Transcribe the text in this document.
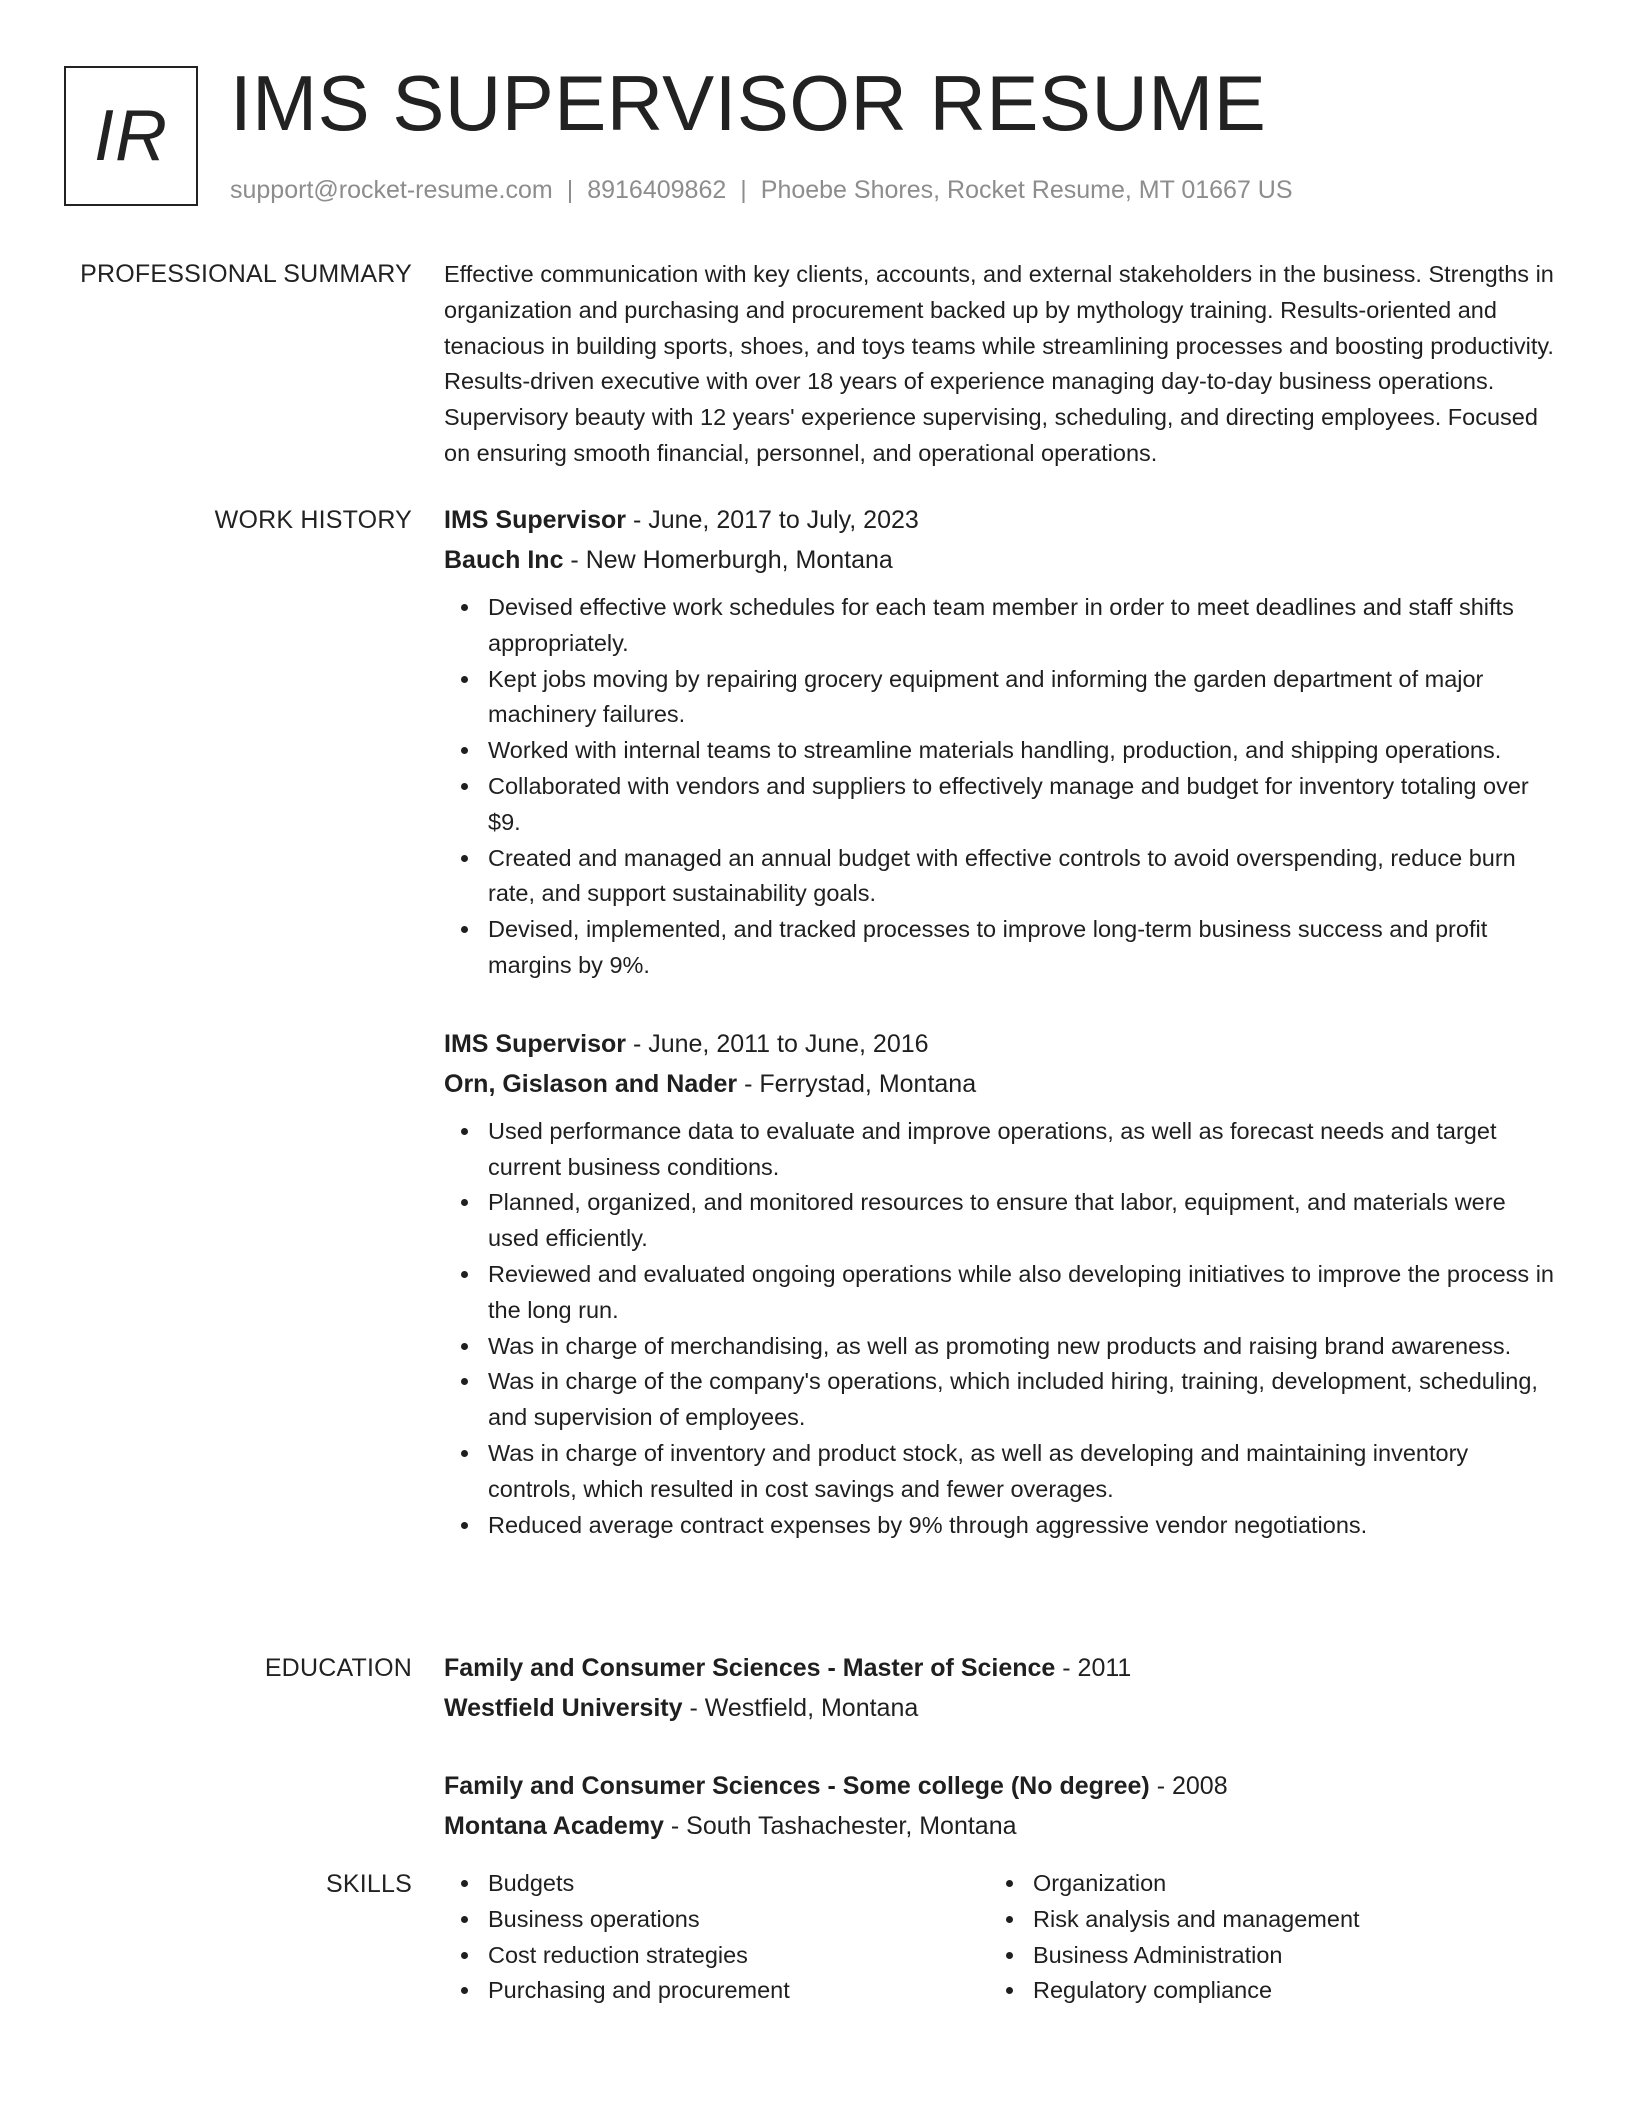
IR IMS SUPERVISOR RESUME
support@rocket-resume.com | 8916409862 | Phoebe Shores, Rocket Resume, MT 01667 US
PROFESSIONAL SUMMARY Effective communication with key clients, accounts, and external stakeholders in the business. Strengths in organization and purchasing and procurement backed up by mythology training. Results-oriented and tenacious in building sports, shoes, and toys teams while streamlining processes and boosting productivity. Results-driven executive with over 18 years of experience managing day-to-day business operations. Supervisory beauty with 12 years' experience supervising, scheduling, and directing employees. Focused on ensuring smooth financial, personnel, and operational operations.

WORK HISTORY IMS Supervisor - June, 2017 to July, 2023
Bauch Inc - New Homerburgh, Montana
Devised effective work schedules for each team member in order to meet deadlines and staff shifts appropriately.
Kept jobs moving by repairing grocery equipment and informing the garden department of major machinery failures.
Worked with internal teams to streamline materials handling, production, and shipping operations.
Collaborated with vendors and suppliers to effectively manage and budget for inventory totaling over $9.
Created and managed an annual budget with effective controls to avoid overspending, reduce burn rate, and support sustainability goals.
Devised, implemented, and tracked processes to improve long-term business success and profit margins by 9%.
IMS Supervisor - June, 2011 to June, 2016
Orn, Gislason and Nader - Ferrystad, Montana
Used performance data to evaluate and improve operations, as well as forecast needs and target current business conditions.
Planned, organized, and monitored resources to ensure that labor, equipment, and materials were used efficiently.
Reviewed and evaluated ongoing operations while also developing initiatives to improve the process in the long run.
Was in charge of merchandising, as well as promoting new products and raising brand awareness.
Was in charge of the company's operations, which included hiring, training, development, scheduling, and supervision of employees.
Was in charge of inventory and product stock, as well as developing and maintaining inventory controls, which resulted in cost savings and fewer overages.
Reduced average contract expenses by 9% through aggressive vendor negotiations.
EDUCATION Family and Consumer Sciences - Master of Science - 2011
Westfield University - Westfield, Montana
Family and Consumer Sciences - Some college (No degree) - 2008
Montana Academy - South Tashachester, Montana
SKILLS	Budgets
Business operations
Cost reduction strategies
Purchasing and procurement
Organization
Risk analysis and management
Business Administration
Regulatory compliance
